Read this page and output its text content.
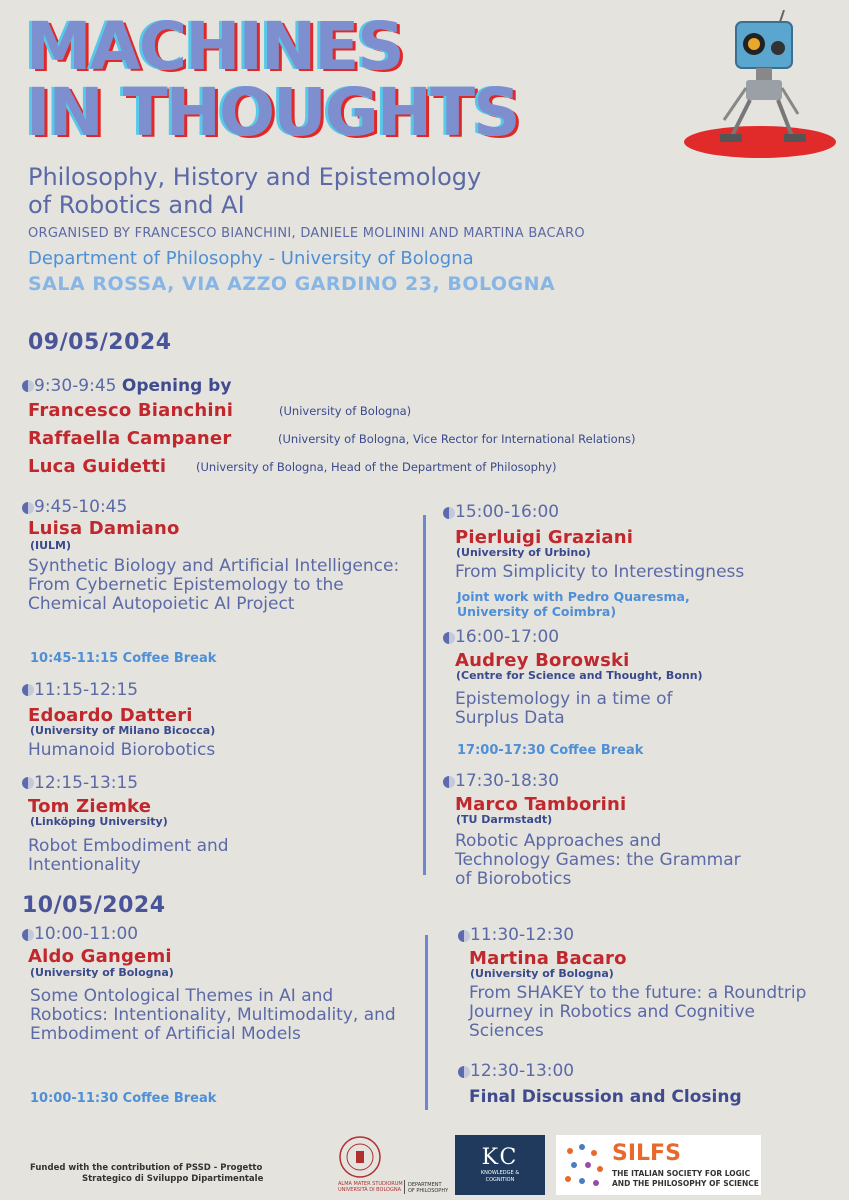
MACHINES
IN THOUGHTS
Philosophy, History and Epistemology
of Robotics and AI
ORGANISED BY FRANCESCO BIANCHINI, DANIELE MOLININI AND MARTINA BACARO
Department of Philosophy - University of Bologna
SALA ROSSA, VIA AZZO GARDINO 23, BOLOGNA
09/05/2024
9:30-9:45 Opening by
Francesco Bianchini	(University of Bologna)
Raffaella Campaner	(University of Bologna, Vice Rector for International Relations)
Luca Guidetti	(University of Bologna, Head of the Department of Philosophy)
9:45-10:45
Luisa Damiano
(IULM)
Synthetic Biology and Artificial Intelligence: From Cybernetic Epistemology to the Chemical Autopoietic AI Project
10:45-11:15 Coffee Break
11:15-12:15
Edoardo Datteri
(University of Milano Bicocca)
Humanoid Biorobotics
12:15-13:15
Tom Ziemke
(Linköping University)
Robot Embodiment and Intentionality
15:00-16:00
Pierluigi Graziani
(University of Urbino)
From Simplicity to Interestingness
Joint work with Pedro Quaresma, University of Coimbra)
16:00-17:00
Audrey Borowski
(Centre for Science and Thought, Bonn)
Epistemology in a time of Surplus Data
17:00-17:30 Coffee Break
17:30-18:30
Marco Tamborini
(TU Darmstadt)
Robotic Approaches and Technology Games: the Grammar of Biorobotics
10/05/2024
10:00-11:00
Aldo Gangemi
(University of Bologna)
Some Ontological Themes in AI and Robotics: Intentionality, Multimodality, and Embodiment of Artificial Models
10:00-11:30 Coffee Break
11:30-12:30
Martina Bacaro
(University of Bologna)
From SHAKEY to the future: a Roundtrip Journey in Robotics and Cognitive Sciences
12:30-13:00
Final Discussion and Closing
Funded with the contribution of PSSD - Progetto
Strategico di Sviluppo Dipartimentale	ALMA MATER STUDIORUM
UNIVERSITÀ DI BOLOGNA
DEPARTMENT
OF PHILOSOPHY
KC
KNOWLEDGE &
COGNITION
SILFS
THE ITALIAN SOCIETY FOR LOGIC
AND THE PHILOSOPHY OF SCIENCE
